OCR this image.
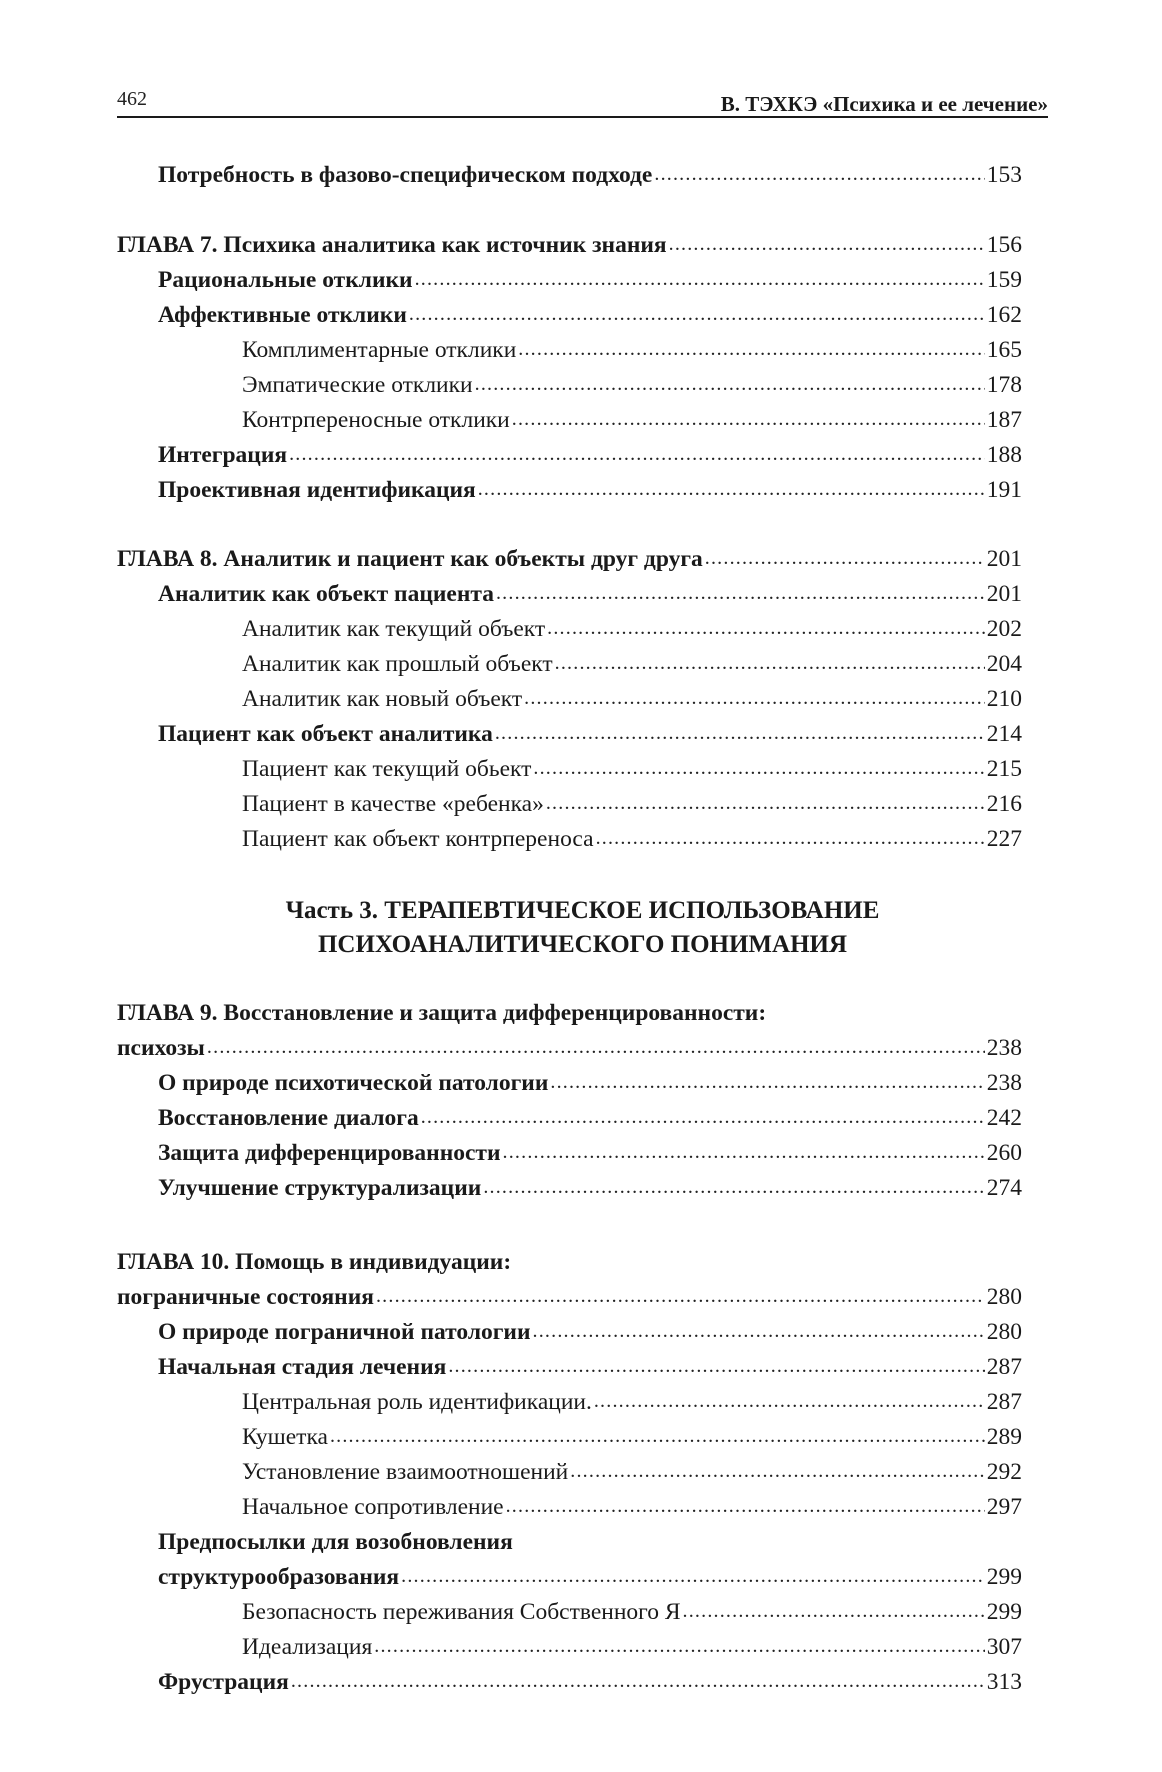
462	В. ТЭХКЭ «Психика и ее лечение»
Потребность в фазово-специфическом подходе .....	153
ГЛАВА 7. Психика аналитика как источник знания .....	156
Рациональные отклики .....	159
Аффективные отклики .....	162
Комплиментарные отклики .....	165
Эмпатические отклики .....	178
Контрпереносные отклики .....	187
Интеграция .....	188
Проективная идентификация .....	191
ГЛАВА 8. Аналитик и пациент как объекты друг друга .....	201
Аналитик как объект пациента .....	201
Аналитик как текущий объект .....	202
Аналитик как прошлый объект .....	204
Аналитик как новый объект .....	210
Пациент как объект аналитика .....	214
Пациент как текущий обьект .....	215
Пациент в качестве «ребенка» .....	216
Пациент как объект контрпереноса .....	227
Часть 3. ТЕРАПЕВТИЧЕСКОЕ ИСПОЛЬЗОВАНИЕ
ПСИХОАНАЛИТИЧЕСКОГО ПОНИМАНИЯ
ГЛАВА 9. Восстановление и защита дифференцированности:
психозы .....	238
О природе психотической патологии .....	238
Восстановление диалога .....	242
Защита дифференцированности .....	260
Улучшение структурализации .....	274
ГЛАВА 10. Помощь в индивидуации:
пограничные состояния .....	280
О природе пограничной патологии .....	280
Начальная стадия лечения .....	287
Центральная роль идентификации. .....	287
Кушетка .....	289
Установление взаимоотношений .....	292
Начальное сопротивление .....	297
Предпосылки для возобновления
структурообразования .....	299
Безопасность переживания Собственного Я .....	299
Идеализация .....	307
Фрустрация .....	313
